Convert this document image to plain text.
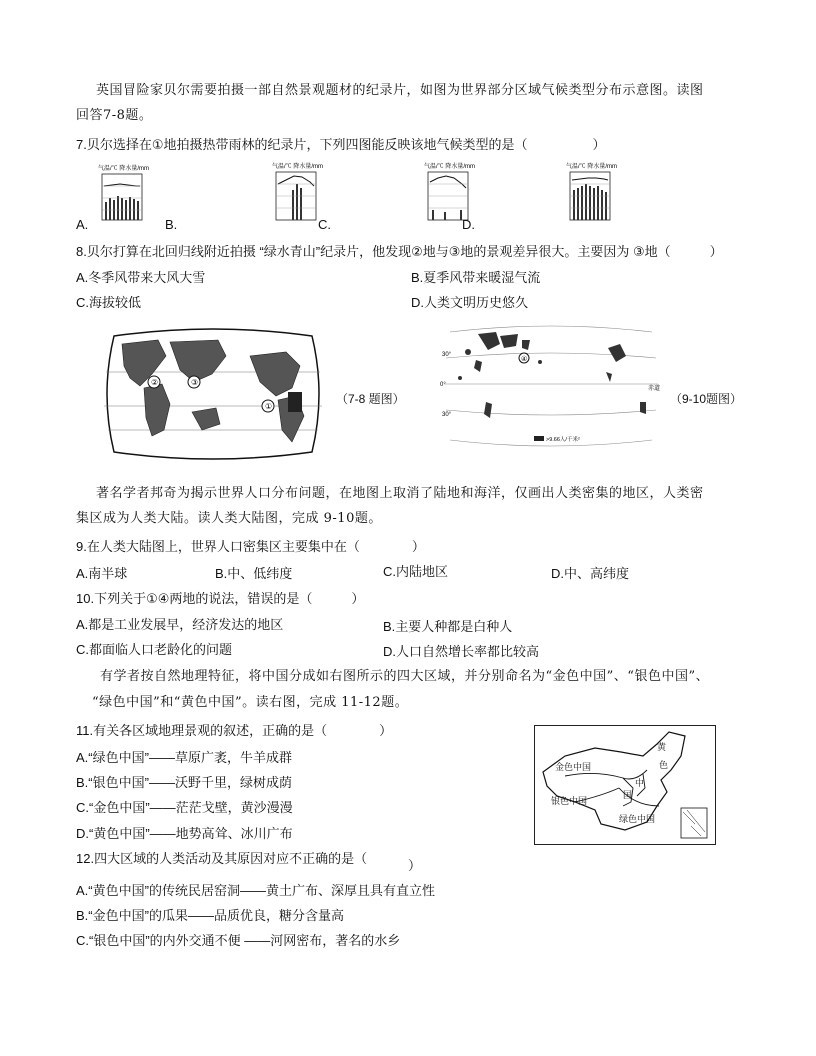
英国冒险家贝尔需要拍摄一部自然景观题材的纪录片，如图为世界部分区域气候类型分布示意图。读图
回答7-8题。
7.贝尔选择在①地拍摄热带雨林的纪录片，下列四图能反映该地气候类型的是（　　　　　）
A.	B.	C.	D.
气温/℃ 降水量/mm	气温/℃ 降水量/mm	气温/℃ 降水量/mm	气温/℃ 降水量/mm
8.贝尔打算在北回归线附近拍摄 “绿水青山”纪录片，他发现②地与③地的景观差异很大。主要因为 ③地（　　　）
A.冬季风带来大风大雪	B.夏季风带来暖湿气流
C.海拔较低	D.人类文明历史悠久
②	③
①
（7-8 题图）
④
30°
0°
30°
赤道
>9.66人/千米²
（9-10题图）
著名学者邦奇为揭示世界人口分布问题，在地图上取消了陆地和海洋，仅画出人类密集的地区，人类密
集区成为人类大陆。读人类大陆图，完成 9-10题。
9.在人类大陆图上，世界人口密集区主要集中在（　　　　）
A.南半球	B.中、低纬度	C.内陆地区	D.中、高纬度
10.下列关于①④两地的说法，错误的是（　　　）
A.都是工业发展早，经济发达的地区	B.主要人种都是白种人
C.都面临人口老龄化的问题	D.人口自然增长率都比较高
有学者按自然地理特征，将中国分成如右图所示的四大区域，并分别命名为“金色中国”、“银色中国”、
“绿色中国”和“黄色中国”。读右图，完成 11-12题。
11.有关各区域地理景观的叙述，正确的是（　　　　）
A.“绿色中国”——草原广袤，牛羊成群
B.“银色中国”——沃野千里，绿树成荫
C.“金色中国”——茫茫戈壁，黄沙漫漫
D.“黄色中国”——地势高耸、冰川广布
金色中国
银色中国
绿色中国
黄
色
中
国
12.四大区域的人类活动及其原因对应不正确的是（	）
A.“黄色中国”的传统民居窑洞——黄土广布、深厚且具有直立性
B.“金色中国”的瓜果——品质优良，糖分含量高
C.“银色中国”的内外交通不便 ——河网密布，著名的水乡
